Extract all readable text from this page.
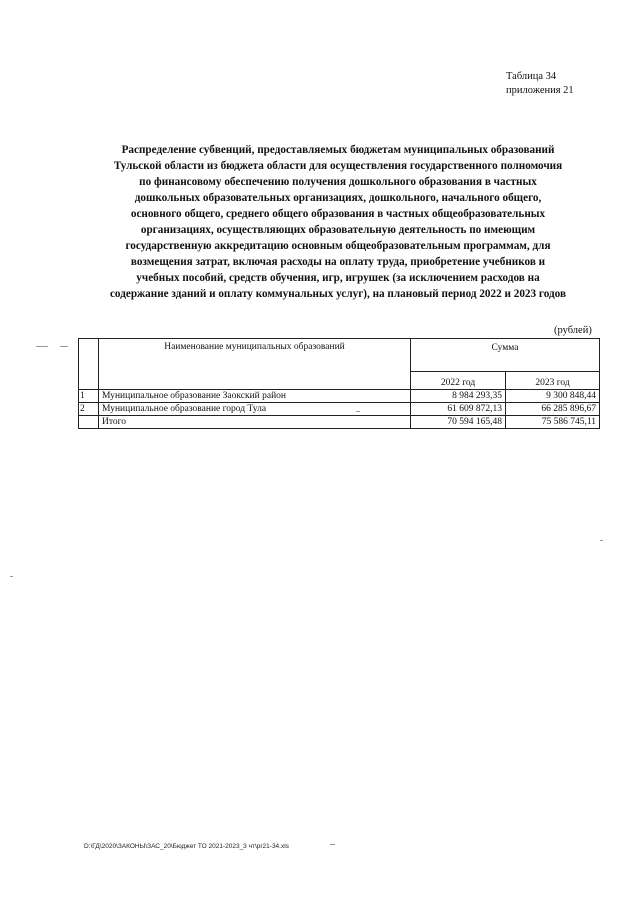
Таблица 34
приложения 21
Распределение субвенций, предоставляемых бюджетам муниципальных образований
Тульской области из бюджета области для осуществления государственного полномочия
по финансовому обеспечению получения дошкольного образования в частных
дошкольных образовательных организациях, дошкольного, начального общего,
основного общего, среднего общего образования в частных общеобразовательных
организациях, осуществляющих образовательную деятельность по имеющим
государственную аккредитацию основным общеобразовательным программам, для
возмещения затрат, включая расходы на оплату труда, приобретение учебников и
учебных пособий, средств обучения, игр, игрушек (за исключением расходов на
содержание зданий и оплату коммунальных услуг), на плановый период 2022 и 2023 годов
(рублей)
	Наименование муниципальных образований	Сумма	
		2022 год	2023 год
1	Муниципальное образование Заокский район	8 984 293,35	9 300 848,44
2	Муниципальное образование город Тула	61 609 872,13	66 285 896,67
	Итого	70 594 165,48	75 586 745,11
D:\ГД\2020\ЗАКОНЫ\ЗАС_20\Бюджет ТО 2021-2023_3 чт\pr21-34.xls
